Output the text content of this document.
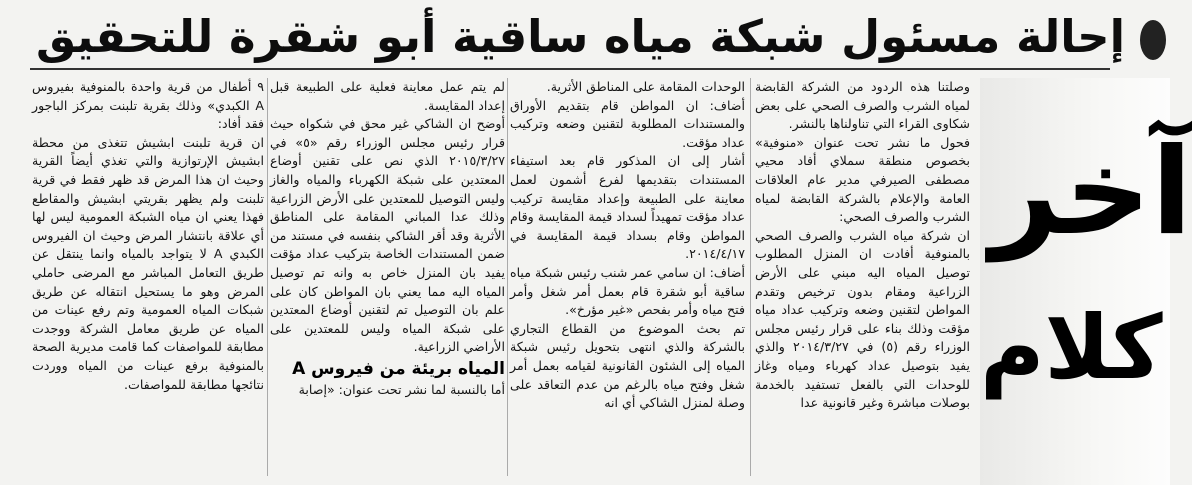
إحالة مسئول شبكة مياه ساقية أبو شقرة للتحقيق
آخر
كلام

وصلتنا هذه الردود من الشركة القابضة لمياه الشرب والصرف الصحي على بعض شكاوى القراء التي تناولناها بالنشر.

فحول ما نشر تحت عنوان «منوفية» بخصوص منطقة سملاي أفاد محيي مصطفى الصيرفي مدير عام العلاقات العامة والإعلام بالشركة القابضة لمياه الشرب والصرف الصحي:

ان شركة مياه الشرب والصرف الصحي بالمنوفية أفادت ان المنزل المطلوب توصيل المياه اليه مبني على الأرض الزراعية ومقام بدون ترخيص وتقدم المواطن لتقنين وضعه وتركيب عداد مياه مؤقت وذلك بناء على قرار رئيس مجلس الوزراء رقم (٥) في ٢٠١٤/٣/٢٧ والذي يفيد بتوصيل عداد كهرباء ومياه وغاز للوحدات التي بالفعل تستفيد بالخدمة بوصلات مباشرة وغير قانونية عدا

الوحدات المقامة على المناطق الأثرية.

أضاف: ان المواطن قام بتقديم الأوراق والمستندات المطلوبة لتقنين وضعه وتركيب عداد مؤقت.

أشار إلى ان المذكور قام بعد استيفاء المستندات بتقديمها لفرع أشمون لعمل معاينة على الطبيعة وإعداد مقايسة تركيب عداد مؤقت تمهيداً لسداد قيمة المقايسة وقام المواطن وقام بسداد قيمة المقايسة في ٢٠١٤/٤/١٧.

أضاف: ان سامي عمر شنب رئيس شبكة مياه ساقية أبو شقرة قام بعمل أمر شغل وأمر فتح مياه وأمر بفحص «غير مؤرخ».

تم بحث الموضوع من القطاع التجاري بالشركة والذي انتهى بتحويل رئيس شبكة المياه إلى الشئون القانونية لقيامه بعمل أمر شغل وفتح مياه بالرغم من عدم التعاقد على وصلة لمنزل الشاكي أي انه

لم يتم عمل معاينة فعلية على الطبيعة قبل إعداد المقايسة.

أوضح ان الشاكي غير محق في شكواه حيث قرار رئيس مجلس الوزراء رقم «٥» في ٢٠١٥/٣/٢٧ الذي نص على تقنين أوضاع المعتدين على شبكة الكهرباء والمياه والغاز وليس التوصيل للمعتدين على الأرض الزراعية وذلك عدا المباني المقامة على المناطق الأثرية وقد أقر الشاكي بنفسه في مستند من ضمن المستندات الخاصة بتركيب عداد مؤقت يفيد بان المنزل خاص به وانه تم توصيل المياه اليه مما يعني بان المواطن كان على علم بان التوصيل تم لتقنين أوضاع المعتدين على شبكة المياه وليس للمعتدين على الأراضي الزراعية.

المياه بريئة من فيروس A

أما بالنسبة لما نشر تحت عنوان: «إصابة

٩ أطفال من قرية واحدة بالمنوفية بفيروس A الكبدي» وذلك بقرية تلبنت بمركز الباجور فقد أفاد:

ان قرية تلبنت ابشيش تتغذى من محطة ابشيش الإرتوازية والتي تغذي أيضاً القرية وحيث ان هذا المرض قد ظهر فقط في قرية تلبنت ولم يظهر بقريتي ابشيش والمقاطع فهذا يعني ان مياه الشبكة العمومية ليس لها أي علاقة بانتشار المرض وحيث ان الفيروس الكبدي A لا يتواجد بالمياه وانما ينتقل عن طريق التعامل المباشر مع المرضى حاملي المرض وهو ما يستحيل انتقاله عن طريق شبكات المياه العمومية وتم رفع عينات من المياه عن طريق معامل الشركة ووجدت مطابقة للمواصفات كما قامت مديرية الصحة بالمنوفية برفع عينات من المياه ووردت نتائجها مطابقة للمواصفات.
